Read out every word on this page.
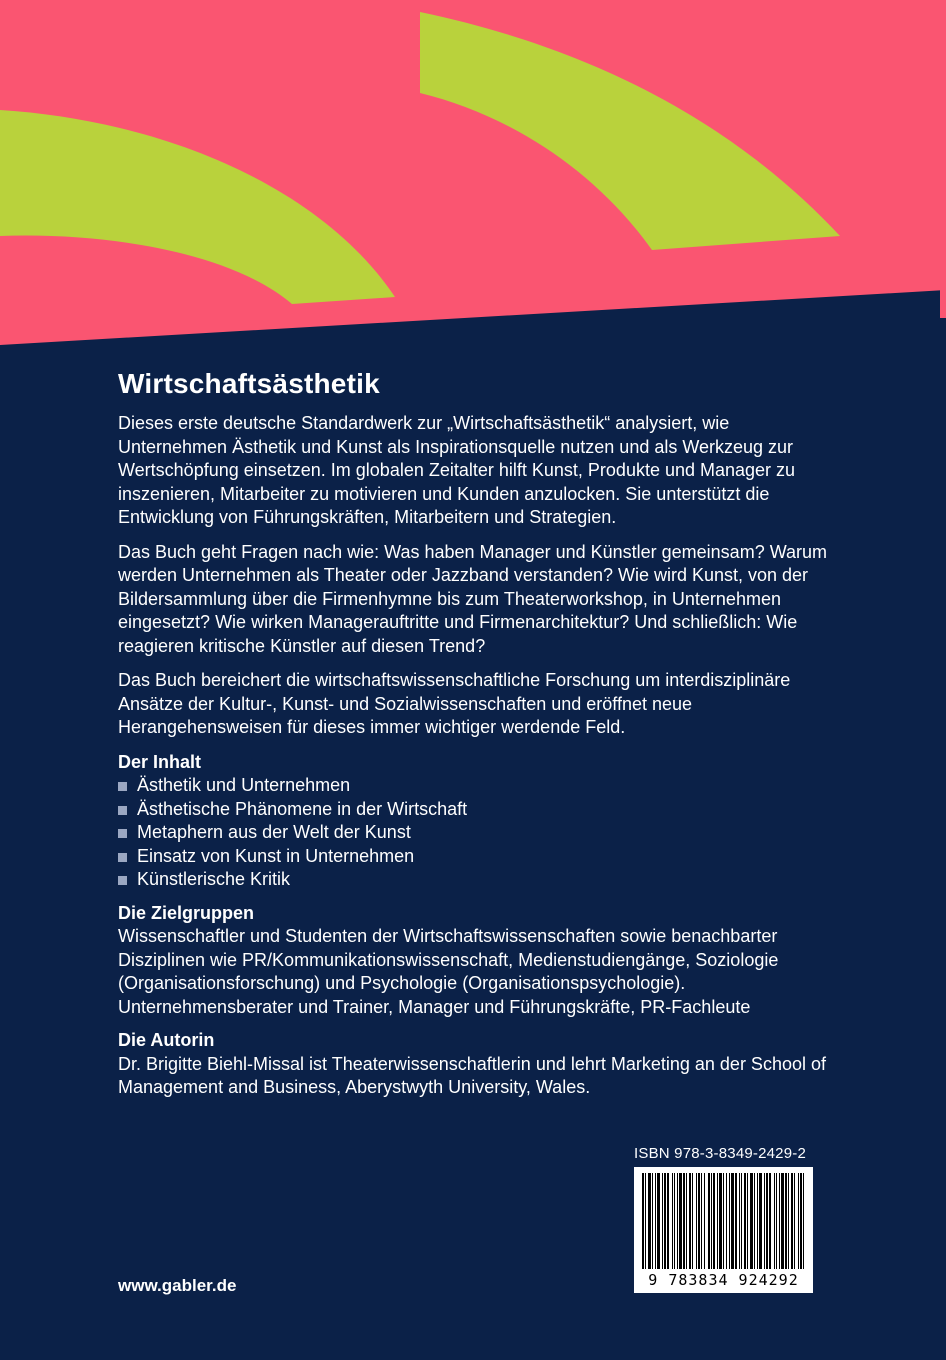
Wirtschaftsästhetik

Dieses erste deutsche Standardwerk zur „Wirtschaftsästhetik“ analysiert, wie Unternehmen Ästhetik und Kunst als Inspirationsquelle nutzen und als Werkzeug zur Wertschöpfung einsetzen. Im globalen Zeitalter hilft Kunst, Produkte und Manager zu inszenieren, Mitarbeiter zu motivieren und Kunden anzulocken. Sie unterstützt die Entwicklung von Führungskräften, Mitarbeitern und Strategien.

Das Buch geht Fragen nach wie: Was haben Manager und Künstler gemeinsam? Warum werden Unternehmen als Theater oder Jazzband verstanden? Wie wird Kunst, von der Bildersammlung über die Firmenhymne bis zum Theaterworkshop, in Unternehmen eingesetzt? Wie wirken Managerauftritte und Firmenarchitektur? Und schließlich: Wie reagieren kritische Künstler auf diesen Trend?

Das Buch bereichert die wirtschaftswissenschaftliche Forschung um interdisziplinäre Ansätze der Kultur-, Kunst- und Sozialwissenschaften und eröffnet neue Herangehensweisen für dieses immer wichtiger werdende Feld.

Der Inhalt
Ästhetik und Unternehmen
Ästhetische Phänomene in der Wirtschaft
Metaphern aus der Welt der Kunst
Einsatz von Kunst in Unternehmen
Künstlerische Kritik
Die Zielgruppen

Wissenschaftler und Studenten der Wirtschaftswissenschaften sowie benachbarter Disziplinen wie PR/Kommunikationswissenschaft, Medienstudiengänge, Soziologie (Organisationsforschung) und Psychologie (Organisationspsychologie). Unternehmensberater und Trainer, Manager und Führungskräfte, PR-Fachleute

Die Autorin

Dr. Brigitte Biehl-Missal ist Theaterwissenschaftlerin und lehrt Marketing an der School of Management and Business, Aberystwyth University, Wales.

ISBN 978-3-8349-2429-2
9 783834 924292
www.gabler.de
